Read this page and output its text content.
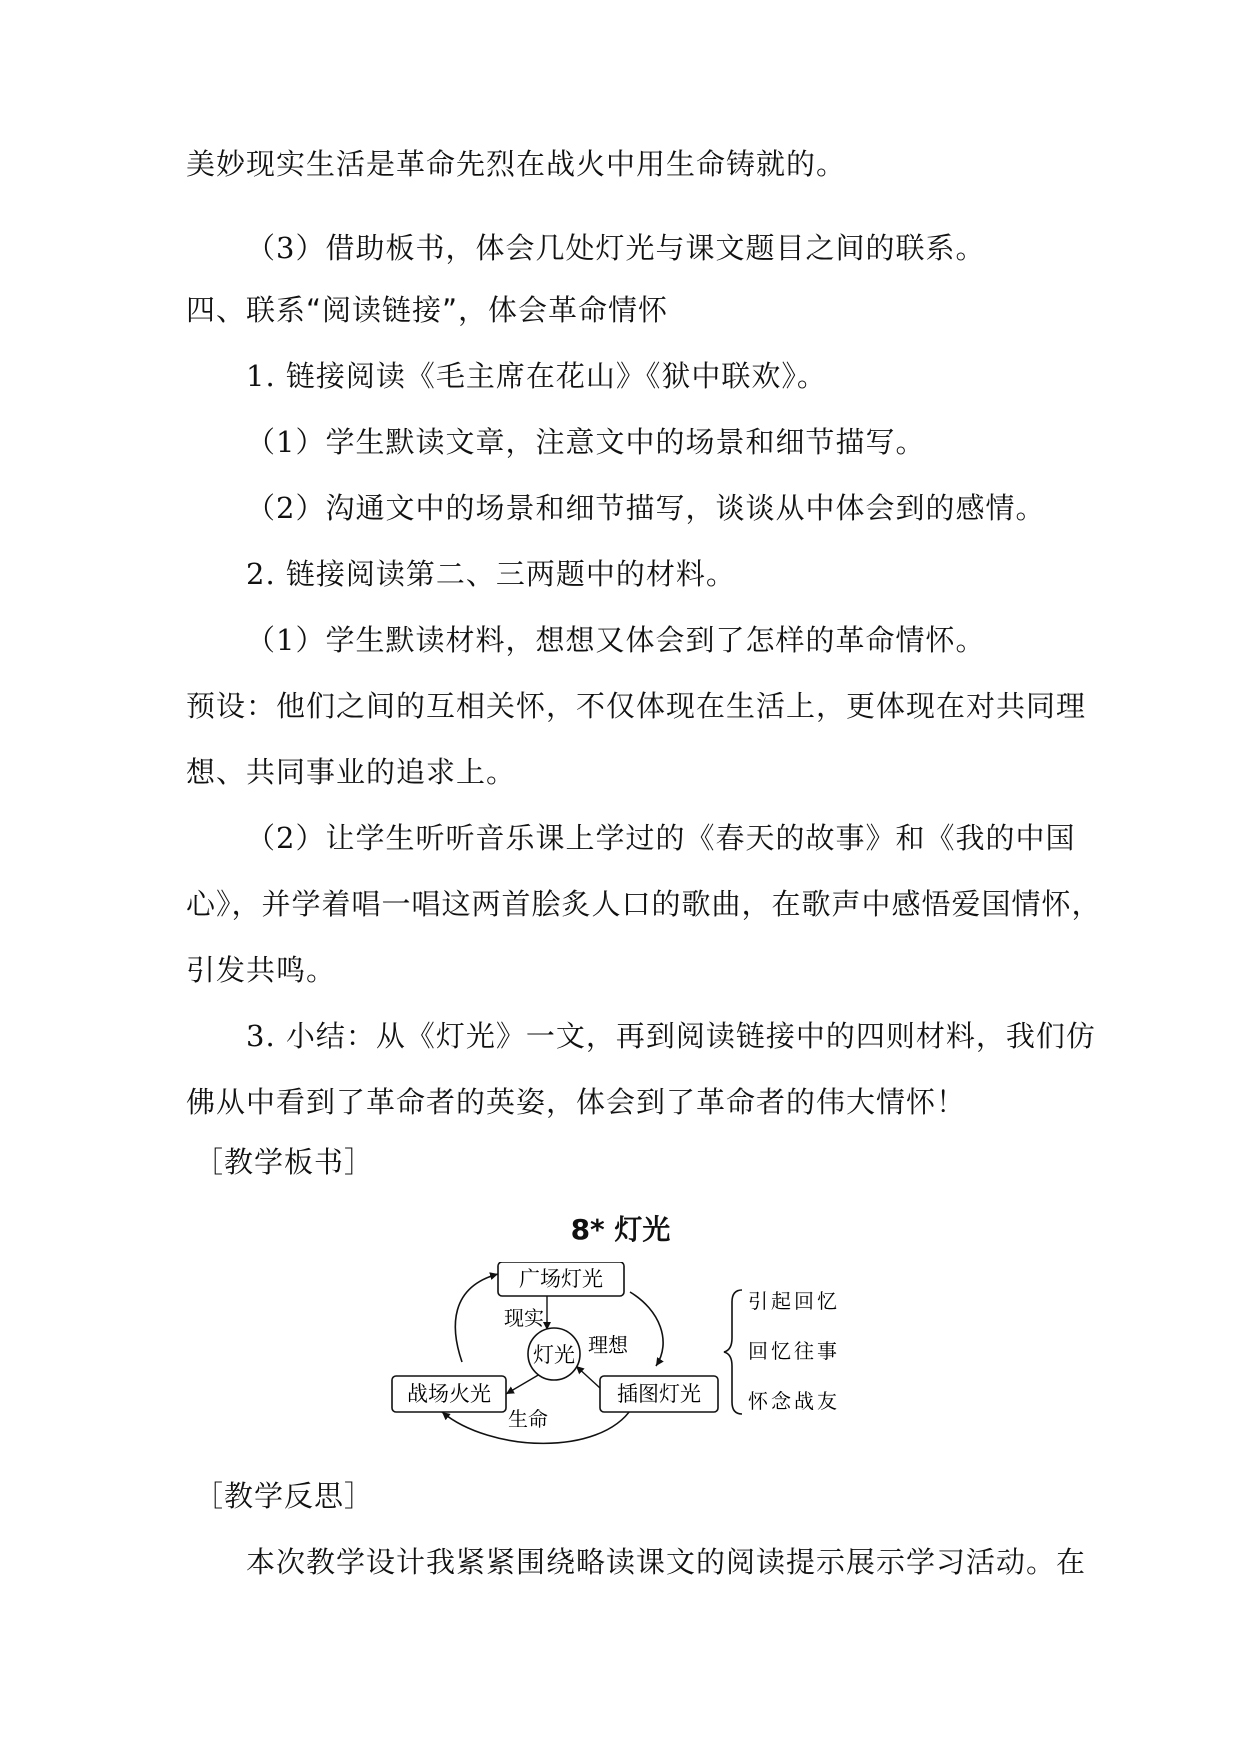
美妙现实生活是革命先烈在战火中用生命铸就的。
（3）借助板书，体会几处灯光与课文题目之间的联系。
四、联系“阅读链接”，体会革命情怀
1. 链接阅读《毛主席在花山》《狱中联欢》。
（1）学生默读文章，注意文中的场景和细节描写。
（2）沟通文中的场景和细节描写，谈谈从中体会到的感情。
2. 链接阅读第二、三两题中的材料。
（1）学生默读材料，想想又体会到了怎样的革命情怀。
预设：他们之间的互相关怀，不仅体现在生活上，更体现在对共同理
想、共同事业的追求上。
（2）让学生听听音乐课上学过的《春天的故事》和《我的中国
心》，并学着唱一唱这两首脍炙人口的歌曲，在歌声中感悟爱国情怀，
引发共鸣。
3. 小结：从《灯光》一文，再到阅读链接中的四则材料，我们仿
佛从中看到了革命者的英姿，体会到了革命者的伟大情怀！
［教学板书］
8* 灯光
广场灯光
战场火光	插图灯光
灯光
现实
理想
生命
引起回忆
回忆往事
怀念战友
［教学反思］
本次教学设计我紧紧围绕略读课文的阅读提示展示学习活动。在
